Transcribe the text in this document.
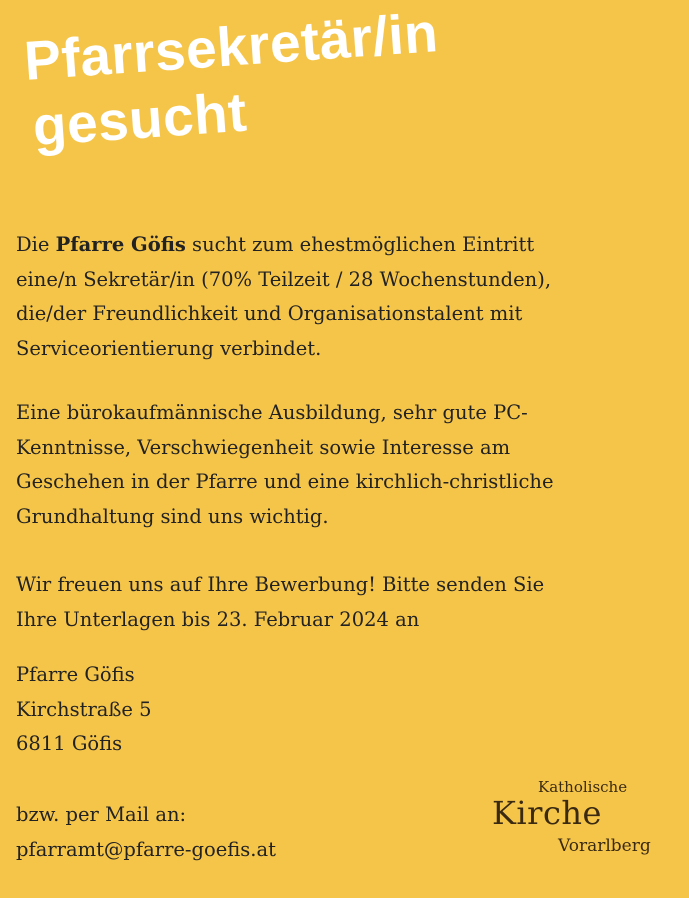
Pfarrsekretär/in
gesucht
Die Pfarre Göfis sucht zum ehestmöglichen Eintritt
eine/n Sekretär/in (70% Teilzeit / 28 Wochenstunden),
die/der Freundlichkeit und Organisationstalent mit
Serviceorientierung verbindet.
Eine bürokaufmännische Ausbildung, sehr gute PC-
Kenntnisse, Verschwiegenheit sowie Interesse am
Geschehen in der Pfarre und eine kirchlich-christliche
Grundhaltung sind uns wichtig.
Wir freuen uns auf Ihre Bewerbung! Bitte senden Sie
Ihre Unterlagen bis 23. Februar 2024 an
Pfarre Göfis
Kirchstraße 5
6811 Göfis
bzw. per Mail an:
pfarramt@pfarre-goefis.at
Katholische
Kirche
Vorarlberg
